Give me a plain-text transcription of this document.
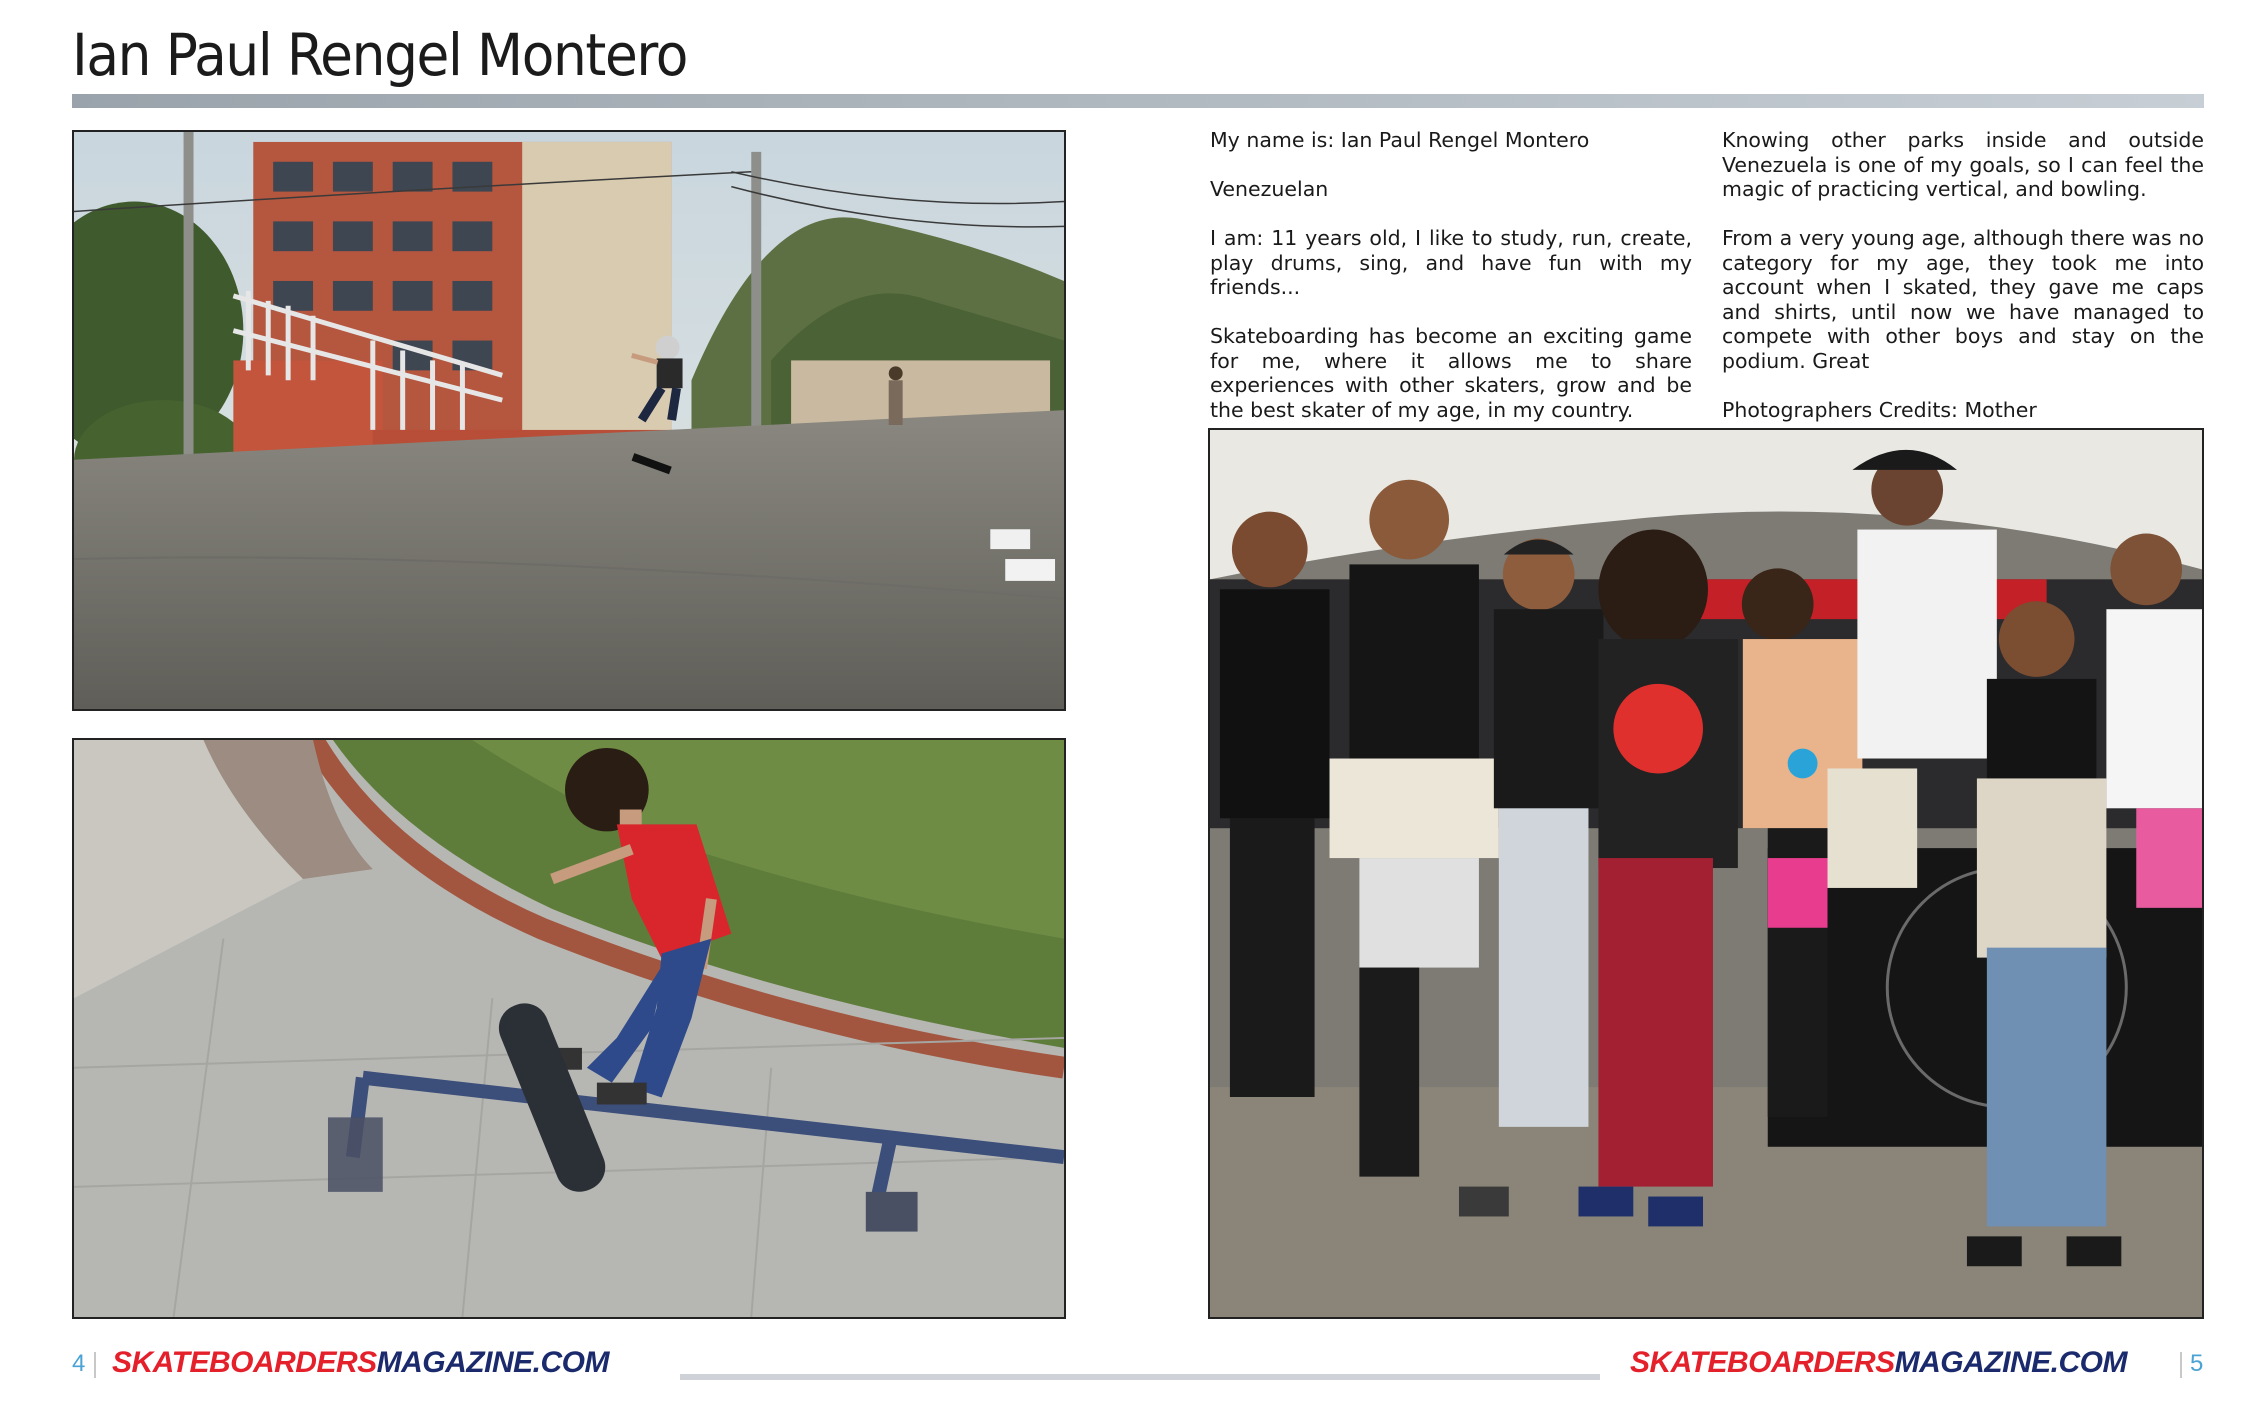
Ian Paul Rengel Montero

My name is: Ian Paul Rengel Montero

Venezuelan

I am: 11 years old, I like to study, run, create, play drums, sing, and have fun with my friends...

Skateboarding has become an exciting game for me, where it allows me to share experiences with other skaters, grow and be the best skater of my age, in my country.

Knowing other parks inside and outside Venezuela is one of my goals, so I can feel the magic of practicing vertical, and bowling.

From a very young age, although there was no category for my age, they took me into account when I skated, they gave me caps and shirts, until now we have managed to compete with other boys and stay on the podium. Great

Photographers Credits: Mother

4 SKATEBOARDERSMAGAZINE.COM	SKATEBOARDERSMAGAZINE.COM	5
